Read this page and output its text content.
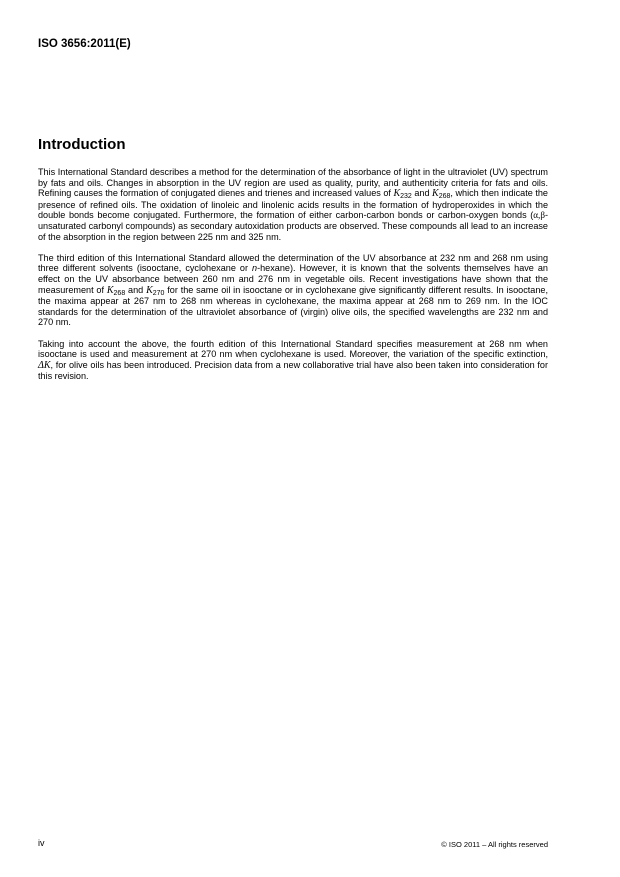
ISO 3656:2011(E)
Introduction

This International Standard describes a method for the determination of the absorbance of light in the ultraviolet (UV) spectrum by fats and oils. Changes in absorption in the UV region are used as quality, purity, and authenticity criteria for fats and oils. Refining causes the formation of conjugated dienes and trienes and increased values of $K_{232}$ and $K_{268}$, which then indicate the presence of refined oils. The oxidation of linoleic and linolenic acids results in the formation of hydroperoxides in which the double bonds become conjugated. Furthermore, the formation of either carbon-carbon bonds or carbon-oxygen bonds (α,β-unsaturated carbonyl compounds) as secondary autoxidation products are observed. These compounds all lead to an increase of the absorption in the region between 225 nm and 325 nm.

The third edition of this International Standard allowed the determination of the UV absorbance at 232 nm and 268 nm using three different solvents (isooctane, cyclohexane or n-hexane). However, it is known that the solvents themselves have an effect on the UV absorbance between 260 nm and 276 nm in vegetable oils. Recent investigations have shown that the measurement of $K_{268}$ and $K_{270}$ for the same oil in isooctane or in cyclohexane give significantly different results. In isooctane, the maxima appear at 267 nm to 268 nm whereas in cyclohexane, the maxima appear at 268 nm to 269 nm. In the IOC standards for the determination of the ultraviolet absorbance of (virgin) olive oils, the specified wavelengths are 232 nm and 270 nm.

Taking into account the above, the fourth edition of this International Standard specifies measurement at 268 nm when isooctane is used and measurement at 270 nm when cyclohexane is used. Moreover, the variation of the specific extinction, ΔK, for olive oils has been introduced. Precision data from a new collaborative trial have also been taken into consideration for this revision.

iv	© ISO 2011 – All rights reserved
